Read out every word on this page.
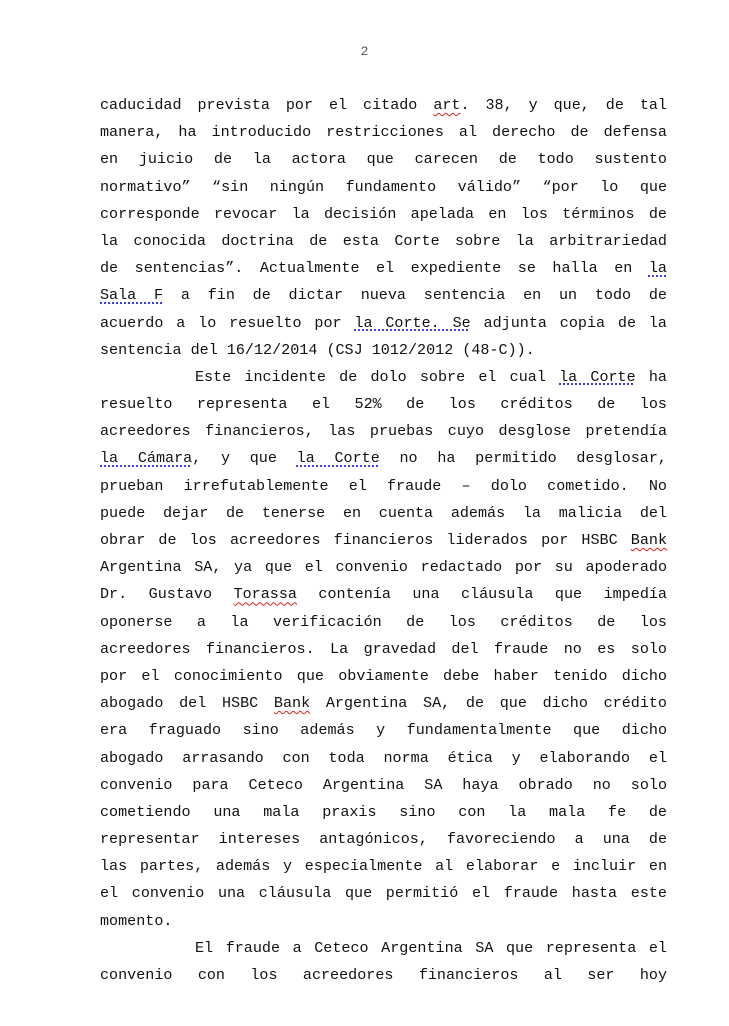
2
caducidad prevista por el citado art. 38, y que, de tal
manera, ha introducido restricciones al derecho de defensa
en juicio de la actora que carecen de todo sustento
normativo” “sin ningún fundamento válido” “por lo que
corresponde revocar la decisión apelada en los términos de
la conocida doctrina de esta Corte sobre la arbitrariedad
de sentencias”. Actualmente el expediente se halla en la
Sala F a fin de dictar nueva sentencia en un todo de
acuerdo a lo resuelto por la Corte. Se adjunta copia de la
sentencia del 16/12/2014 (CSJ 1012/2012 (48-C)).
Este incidente de dolo sobre el cual la Corte ha
resuelto representa el 52% de los créditos de los
acreedores financieros, las pruebas cuyo desglose pretendía
la Cámara, y que la Corte no ha permitido desglosar,
prueban irrefutablemente el fraude – dolo cometido. No
puede dejar de tenerse en cuenta además la malicia del
obrar de los acreedores financieros liderados por HSBC Bank
Argentina SA, ya que el convenio redactado por su apoderado
Dr. Gustavo Torassa contenía una cláusula que impedía
oponerse a la verificación de los créditos de los
acreedores financieros. La gravedad del fraude no es solo
por el conocimiento que obviamente debe haber tenido dicho
abogado del HSBC Bank Argentina SA, de que dicho crédito
era fraguado sino además y fundamentalmente que dicho
abogado arrasando con toda norma ética y elaborando el
convenio para Ceteco Argentina SA haya obrado no solo
cometiendo una mala praxis sino con la mala fe de
representar intereses antagónicos, favoreciendo a una de
las partes, además y especialmente al elaborar e incluir en
el convenio una cláusula que permitió el fraude hasta este
momento.
El fraude a Ceteco Argentina SA que representa el
convenio con los acreedores financieros al ser hoy
